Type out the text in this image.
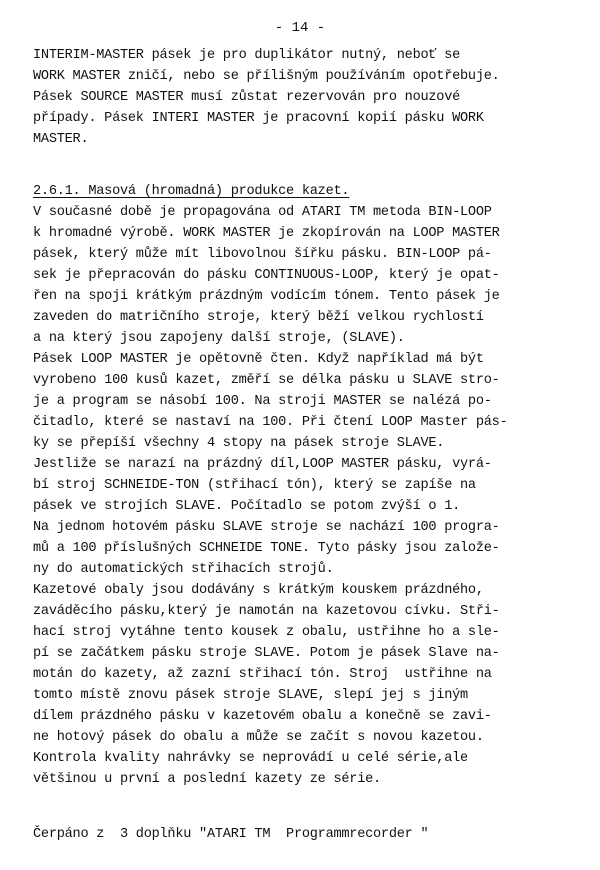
- 14 -
INTERIM-MASTER pásek je pro duplikátor nutný, neboť se
WORK MASTER zničí, nebo se přílišným používáním opotřebuje.
Pásek SOURCE MASTER musí zůstat rezervován pro nouzové
případy. Pásek INTERI MASTER je pracovní kopií pásku WORK
MASTER.
2.6.1. Masová (hromadná) produkce kazet.
V současné době je propagována od ATARI TM metoda BIN-LOOP
k hromadné výrobě. WORK MASTER je zkopírován na LOOP MASTER
pásek, který může mít libovolnou šířku pásku. BIN-LOOP pá-
sek je přepracován do pásku CONTINUOUS-LOOP, který je opat-
řen na spoji krátkým prázdným vodícím tónem. Tento pásek je
zaveden do matričního stroje, který běží velkou rychlostí
a na který jsou zapojeny další stroje, (SLAVE).
Pásek LOOP MASTER je opětovně čten. Když například má být
vyrobeno 100 kusů kazet, změří se délka pásku u SLAVE stro-
je a program se násobí 100. Na stroji MASTER se nalézá po-
čitadlo, které se nastaví na 100. Při čtení LOOP Master pás-
ky se přepíší všechny 4 stopy na pásek stroje SLAVE.
Jestliže se narazí na prázdný díl,LOOP MASTER pásku, vyrá-
bí stroj SCHNEIDE-TON (střihací tón), který se zapíše na
pásek ve strojích SLAVE. Počítadlo se potom zvýší o 1.
Na jednom hotovém pásku SLAVE stroje se nachází 100 progra-
mů a 100 příslušných SCHNEIDE TONE. Tyto pásky jsou založe-
ny do automatických střihacích strojů.
Kazetové obaly jsou dodávány s krátkým kouskem prázdného,
zaváděcího pásku,který je namotán na kazetovou cívku. Stři-
hací stroj vytáhne tento kousek z obalu, ustřihne ho a sle-
pí se začátkem pásku stroje SLAVE. Potom je pásek Slave na-
motán do kazety, až zazní střihací tón. Stroj  ustřihne na
tomto místě znovu pásek stroje SLAVE, slepí jej s jiným
dílem prázdného pásku v kazetovém obalu a konečně se zavi-
ne hotový pásek do obalu a může se začít s novou kazetou.
Kontrola kvality nahrávky se neprovádí u celé série,ale
většinou u první a poslední kazety ze série.
Čerpáno z  3 doplňku "ATARI TM  Programmrecorder "
